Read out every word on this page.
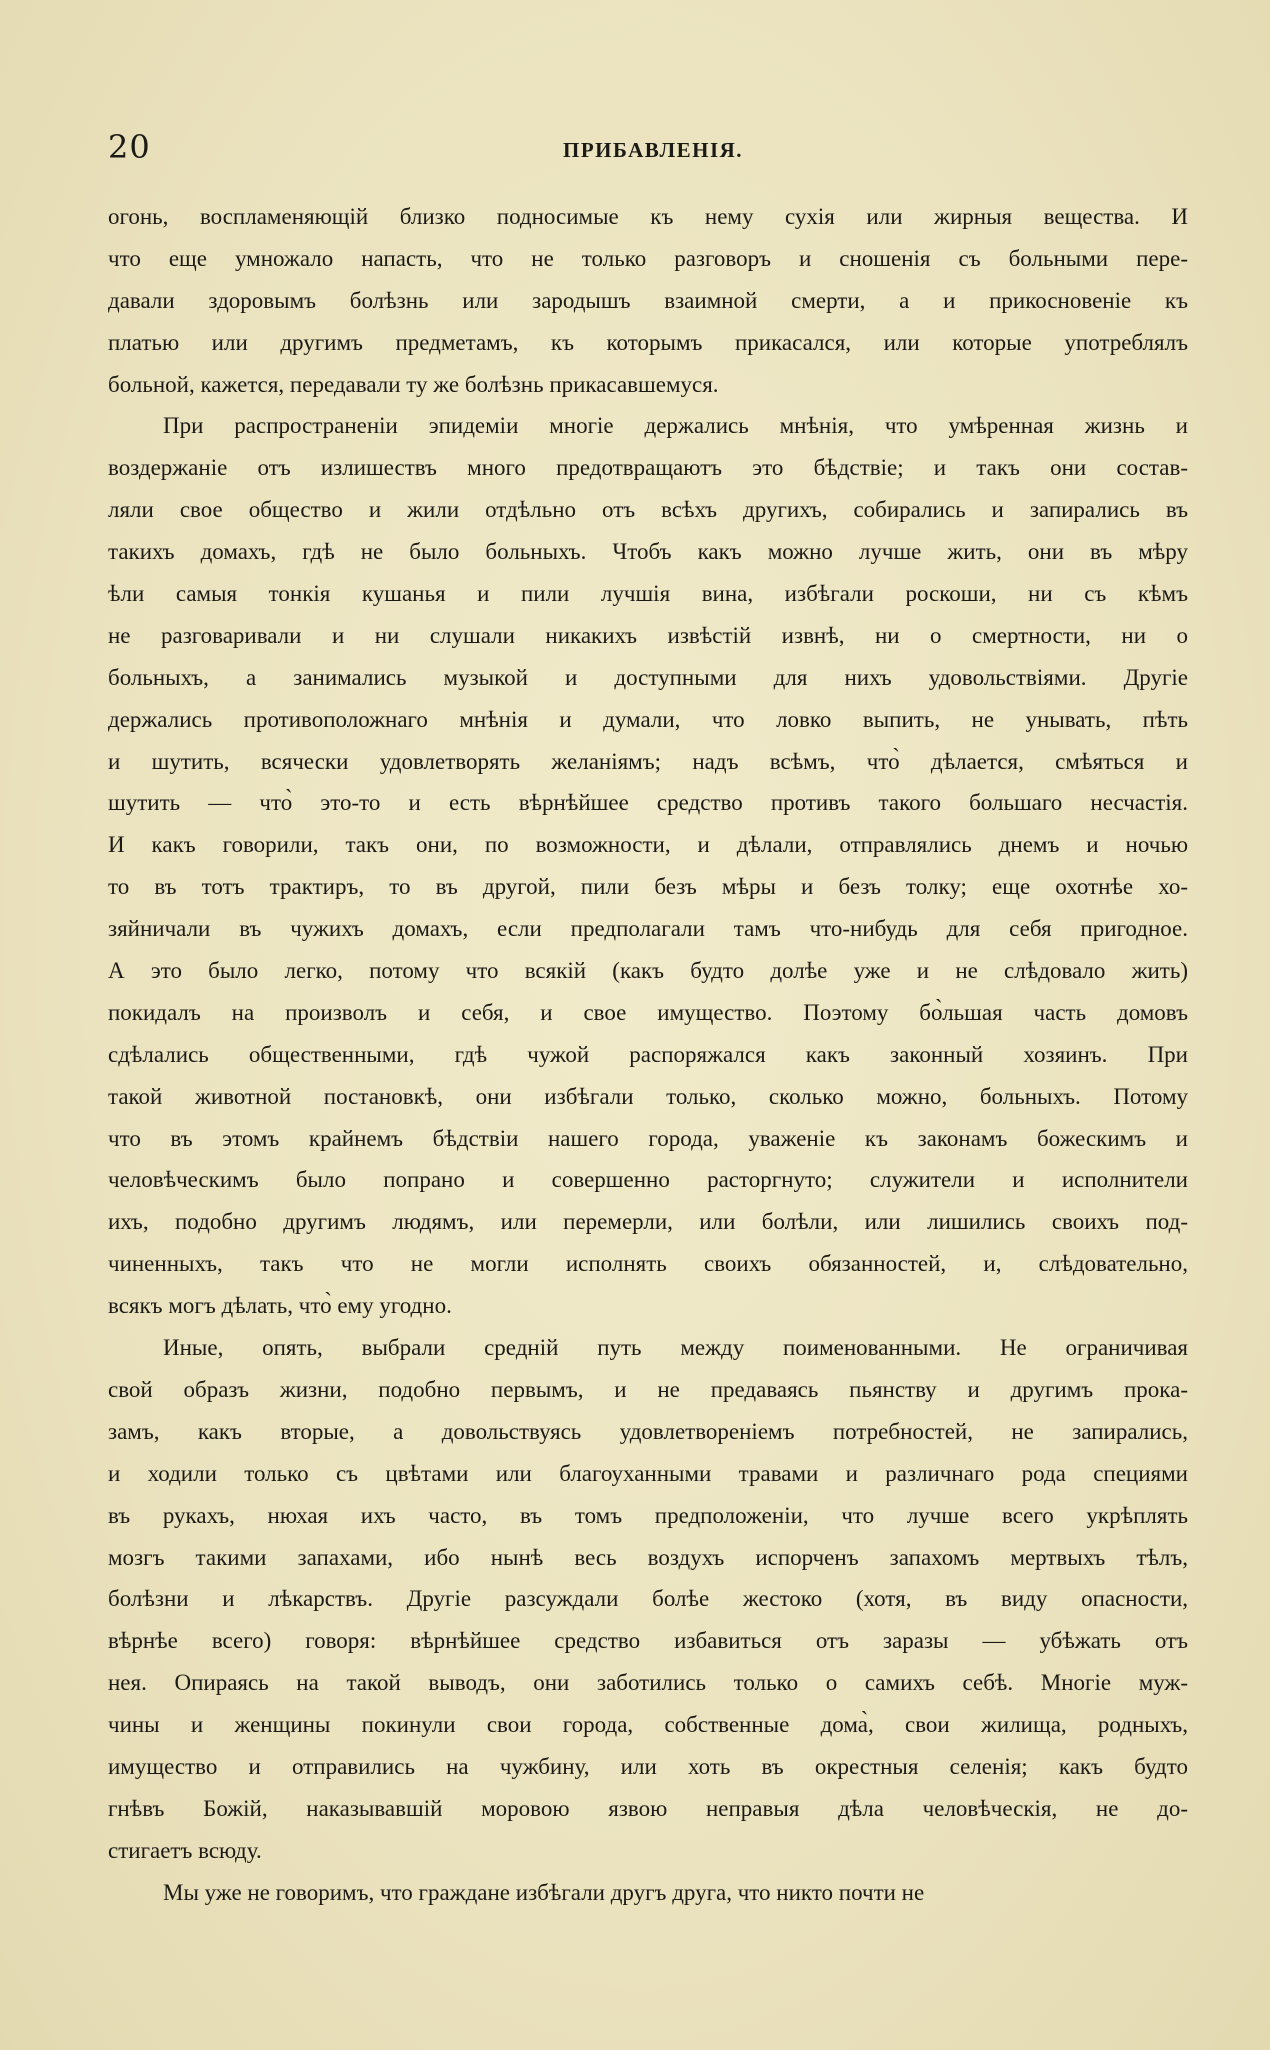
20	ПРИБАВЛЕНІЯ.
огонь, воспламеняющій близко подносимые къ нему сухія или жирныя вещества. И
что еще умножало напасть, что не только разговоръ и сношенія съ больными пере-
давали здоровымъ болѣзнь или зародышъ взаимной смерти, а и прикосновеніе къ
платью или другимъ предметамъ, къ которымъ прикасался, или которые употреблялъ
больной, кажется, передавали ту же болѣзнь прикасавшемуся.
При распространеніи эпидеміи многіе держались мнѣнія, что умѣренная жизнь и
воздержаніе отъ излишествъ много предотвращаютъ это бѣдствіе; и такъ они состав-
ляли свое общество и жили отдѣльно отъ всѣхъ другихъ, собирались и запирались въ
такихъ домахъ, гдѣ не было больныхъ. Чтобъ какъ можно лучше жить, они въ мѣру
ѣли самыя тонкія кушанья и пили лучшія вина, избѣгали роскоши, ни съ кѣмъ
не разговаривали и ни слушали никакихъ извѣстій извнѣ, ни о смертности, ни о
больныхъ, а занимались музыкой и доступными для нихъ удовольствіями. Другіе
держались противоположнаго мнѣнія и думали, что ловко выпить, не унывать, пѣть
и шутить, всячески удовлетворять желаніямъ; надъ всѣмъ, что̀ дѣлается, смѣяться и
шутить — что̀ это-то и есть вѣрнѣйшее средство противъ такого большаго несчастія.
И какъ говорили, такъ они, по возможности, и дѣлали, отправлялись днемъ и ночью
то въ тотъ трактиръ, то въ другой, пили безъ мѣры и безъ толку; еще охотнѣе хо-
зяйничали въ чужихъ домахъ, если предполагали тамъ что-нибудь для себя пригодное.
А это было легко, потому что всякій (какъ будто долѣе уже и не слѣдовало жить)
покидалъ на произволъ и себя, и свое имущество. Поэтому бо̀льшая часть домовъ
сдѣлались общественными, гдѣ чужой распоряжался какъ законный хозяинъ. При
такой животной постановкѣ, они избѣгали только, сколько можно, больныхъ. Потому
что въ этомъ крайнемъ бѣдствіи нашего города, уваженіе къ законамъ божескимъ и
человѣческимъ было попрано и совершенно расторгнуто; служители и исполнители
ихъ, подобно другимъ людямъ, или перемерли, или болѣли, или лишились своихъ под-
чиненныхъ, такъ что не могли исполнять своихъ обязанностей, и, слѣдовательно,
всякъ могъ дѣлать, что̀ ему угодно.
Иные, опять, выбрали средній путь между поименованными. Не ограничивая
свой образъ жизни, подобно первымъ, и не предаваясь пьянству и другимъ прока-
замъ, какъ вторые, а довольствуясь удовлетвореніемъ потребностей, не запирались,
и ходили только съ цвѣтами или благоуханными травами и различнаго рода специями
въ рукахъ, нюхая ихъ часто, въ томъ предположеніи, что лучше всего укрѣплять
мозгъ такими запахами, ибо нынѣ весь воздухъ испорченъ запахомъ мертвыхъ тѣлъ,
болѣзни и лѣкарствъ. Другіе разсуждали болѣе жестоко (хотя, въ виду опасности,
вѣрнѣе всего) говоря: вѣрнѣйшее средство избавиться отъ заразы — убѣжать отъ
нея. Опираясь на такой выводъ, они заботились только о самихъ себѣ. Многіе муж-
чины и женщины покинули свои города, собственные дома̀, свои жилища, родныхъ,
имущество и отправились на чужбину, или хоть въ окрестныя селенія; какъ будто
гнѣвъ Божій, наказывавшій моровою язвою неправыя дѣла человѣческія, не до-
стигаетъ всюду.
Мы уже не говоримъ, что граждане избѣгали другъ друга, что никто почти не
